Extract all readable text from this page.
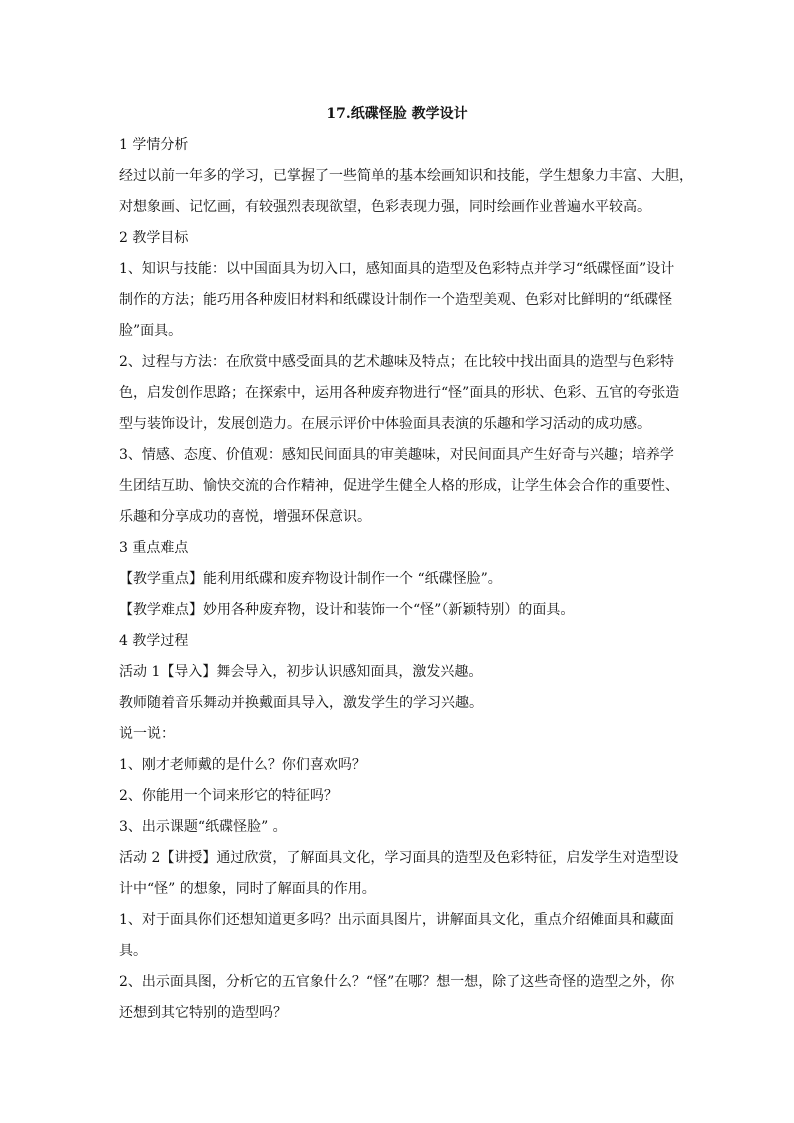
17.纸碟怪脸 教学设计
1 学情分析
经过以前一年多的学习，已掌握了一些简单的基本绘画知识和技能，学生想象力丰富、大胆，
对想象画、记忆画，有较强烈表现欲望，色彩表现力强，同时绘画作业普遍水平较高。
2 教学目标
1、知识与技能：以中国面具为切入口，感知面具的造型及色彩特点并学习“纸碟怪面”设计
制作的方法；能巧用各种废旧材料和纸碟设计制作一个造型美观、色彩对比鲜明的“纸碟怪
脸”面具。
2、过程与方法：在欣赏中感受面具的艺术趣味及特点；在比较中找出面具的造型与色彩特
色，启发创作思路；在探索中，运用各种废弃物进行“怪”面具的形状、色彩、五官的夸张造
型与装饰设计，发展创造力。在展示评价中体验面具表演的乐趣和学习活动的成功感。
3、情感、态度、价值观：感知民间面具的审美趣味，对民间面具产生好奇与兴趣；培养学
生团结互助、愉快交流的合作精神，促进学生健全人格的形成，让学生体会合作的重要性、
乐趣和分享成功的喜悦，增强环保意识。
3 重点难点
【教学重点】能利用纸碟和废弃物设计制作一个 “纸碟怪脸”。
【教学难点】妙用各种废弃物，设计和装饰一个“怪”（新颖特别）的面具。
4 教学过程
活动 1【导入】舞会导入，初步认识感知面具，激发兴趣。
教师随着音乐舞动并换戴面具导入，激发学生的学习兴趣。
说一说：
1、刚才老师戴的是什么？你们喜欢吗？
2、你能用一个词来形它的特征吗？
3、出示课题“纸碟怪脸” 。
活动 2【讲授】通过欣赏，了解面具文化，学习面具的造型及色彩特征，启发学生对造型设
计中“怪” 的想象，同时了解面具的作用。
1、对于面具你们还想知道更多吗？出示面具图片，讲解面具文化，重点介绍傩面具和藏面
具。
2、出示面具图，分析它的五官象什么？“怪”在哪？想一想，除了这些奇怪的造型之外，你
还想到其它特别的造型吗？
